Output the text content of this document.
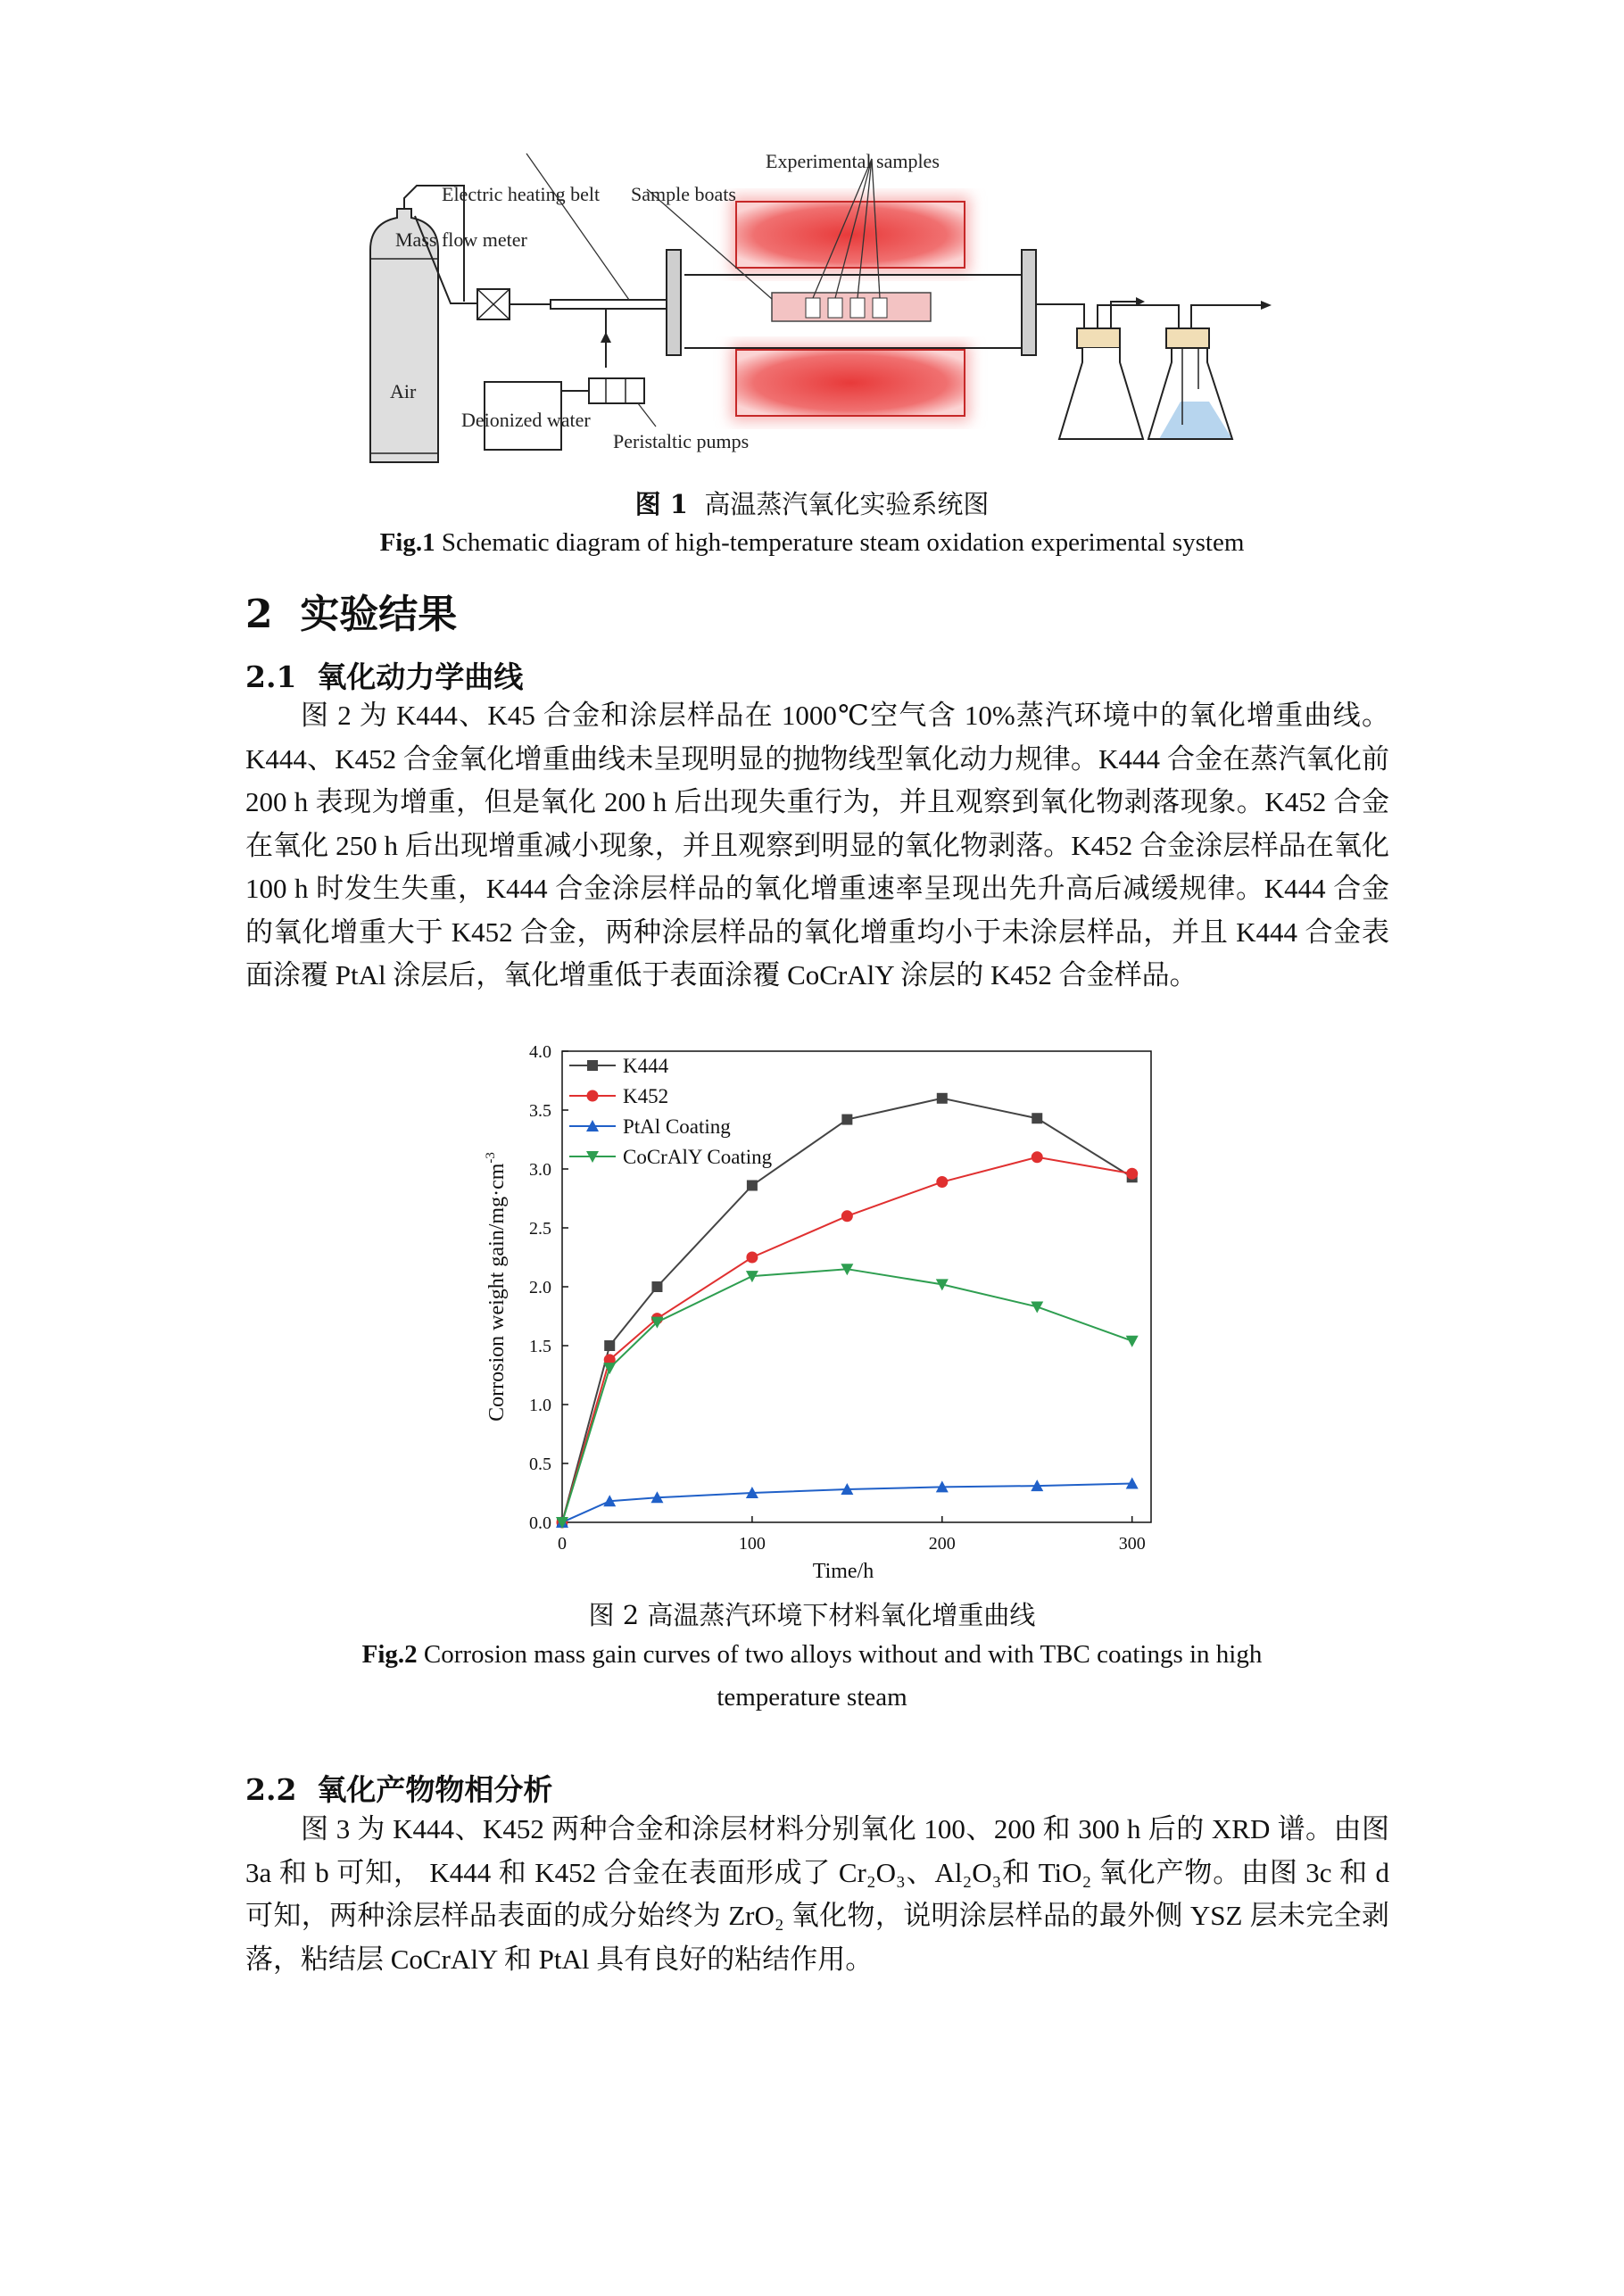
Experimental samples
Electric heating belt Sample boats
Mass flow meter
Air
Deionized water
Peristaltic pumps
图 1 高温蒸汽氧化实验系统图
Fig.1 Schematic diagram of high-temperature steam oxidation experimental system
2 实验结果
2.1 氧化动力学曲线

图 2 为 K444、K45 合金和涂层样品在 1000℃空气含 10%蒸汽环境中的氧化增重曲线。K444、K452 合金氧化增重曲线未呈现明显的抛物线型氧化动力规律。K444 合金在蒸汽氧化前 200 h 表现为增重，但是氧化 200 h 后出现失重行为，并且观察到氧化物剥落现象。K452 合金在氧化 250 h 后出现增重减小现象，并且观察到明显的氧化物剥落。K452 合金涂层样品在氧化 100 h 时发生失重，K444 合金涂层样品的氧化增重速率呈现出先升高后减缓规律。K444 合金的氧化增重大于 K452 合金，两种涂层样品的氧化增重均小于未涂层样品，并且 K444 合金表面涂覆 PtAl 涂层后，氧化增重低于表面涂覆 CoCrAlY 涂层的 K452 合金样品。

0.0
0.5
1.0
1.5
2.0
2.5
3.0
3.5
4.0
0	100	200	300
K444
K452
PtAl Coating
CoCrAlY Coating
Time/h
Corrosion weight gain/$mg\cdot cm^{-3}$
图 2 高温蒸汽环境下材料氧化增重曲线
Fig.2 Corrosion mass gain curves of two alloys without and with TBC coatings in high
temperature steam
2.2 氧化产物物相分析

图 3 为 K444、K452 两种合金和涂层材料分别氧化 100、200 和 300 h 后的 XRD 谱。由图 3a 和 b 可知， K444 和 K452 合金在表面形成了 Cr₂O₃、Al₂O₃和 TiO₂ 氧化产物。由图 3c 和 d 可知，两种涂层样品表面的成分始终为 ZrO₂ 氧化物，说明涂层样品的最外侧 YSZ 层未完全剥落，粘结层 CoCrAlY 和 PtAl 具有良好的粘结作用。
